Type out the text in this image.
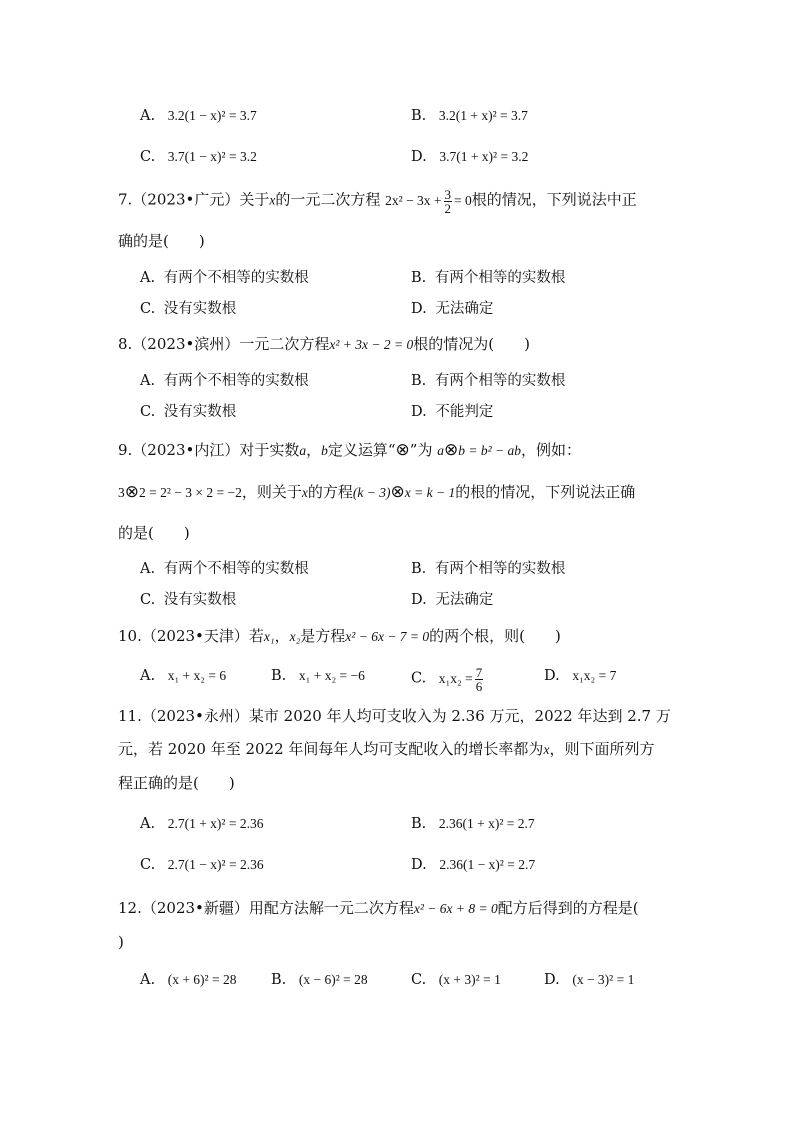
A. 3.2(1 − x)² = 3.7	B. 3.2(1 + x)² = 3.7
C. 3.7(1 − x)² = 3.2	D. 3.7(1 + x)² = 3.2
7.（2023•广元）关于x的一元二次方程 $2x^2 - 3x + \frac{3}{2} = 0$根的情况，下列说法中正
确的是(　　)
A. 有两个不相等的实数根	B. 有两个相等的实数根
C. 没有实数根	D. 无法确定
8.（2023•滨州）一元二次方程x² + 3x − 2 = 0根的情况为(　　)
A. 有两个不相等的实数根	B. 有两个相等的实数根
C. 没有实数根	D. 不能判定
9.（2023•内江）对于实数a，b定义运算“⊗”为 a⊗b = b² − ab，例如：
3⊗2 = 2² − 3 × 2 = −2，则关于x的方程(k − 3)⊗x = k − 1的根的情况，下列说法正确
的是(　　)
A. 有两个不相等的实数根	B. 有两个相等的实数根
C. 没有实数根	D. 无法确定
10.（2023•天津）若x₁，x₂是方程x² − 6x − 7 = 0的两个根，则(　　)
A. x₁ + x₂ = 6	B. x₁ + x₂ = −6	C. $x_1x_2 = \frac{7}{6}$	D. x₁x₂ = 7
11.（2023•永州）某市 2020 年人均可支收入为 2.36 万元，2022 年达到 2.7 万
元，若 2020 年至 2022 年间每年人均可支配收入的增长率都为x，则下面所列方
程正确的是(　　)
A. 2.7(1 + x)² = 2.36	B. 2.36(1 + x)² = 2.7
C. 2.7(1 − x)² = 2.36	D. 2.36(1 − x)² = 2.7
12.（2023•新疆）用配方法解一元二次方程x² − 6x + 8 = 0配方后得到的方程是(
)
A. (x + 6)² = 28 B. (x − 6)² = 28	C. (x + 3)² = 1	D. (x − 3)² = 1
